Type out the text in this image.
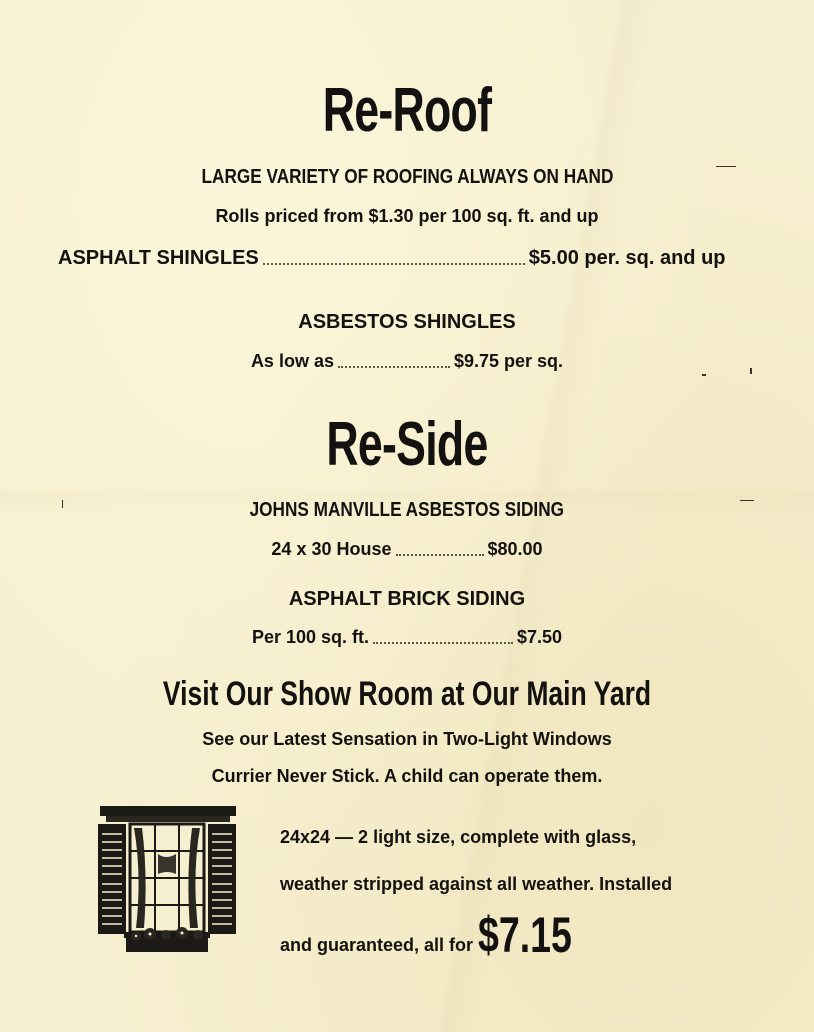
Re-Roof
LARGE VARIETY OF ROOFING ALWAYS ON HAND
Rolls priced from $1.30 per 100 sq. ft. and up
ASPHALT SHINGLES	$5.00 per. sq. and up
ASBESTOS SHINGLES
As low as	$9.75 per sq.
Re-Side
JOHNS MANVILLE ASBESTOS SIDING
24 x 30 House	$80.00
ASPHALT BRICK SIDING
Per 100 sq. ft.	$7.50
Visit Our Show Room at Our Main Yard
See our Latest Sensation in Two-Light Windows
Currier Never Stick. A child can operate them.
24x24 — 2 light size, complete with glass,
weather stripped against all weather. Installed
and guaranteed, all for $7.15
